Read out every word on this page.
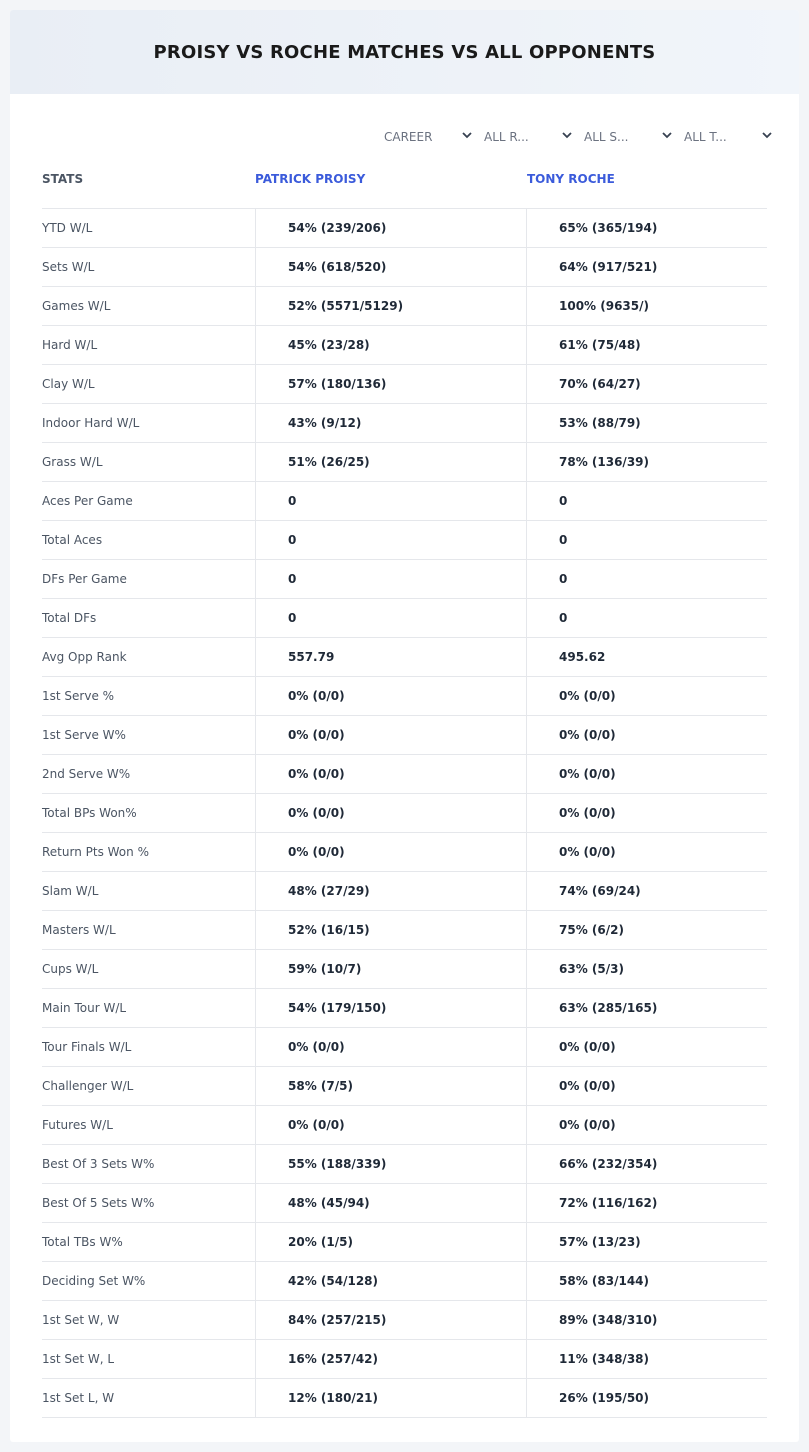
PROISY VS ROCHE MATCHES VS ALL OPPONENTS
CAREER	ALL R...	ALL S...	ALL T...
STATS	PATRICK PROISY	TONY ROCHE
YTD W/L	54% (239/206)	65% (365/194)
Sets W/L	54% (618/520)	64% (917/521)
Games W/L	52% (5571/5129)	100% (9635/)
Hard W/L	45% (23/28)	61% (75/48)
Clay W/L	57% (180/136)	70% (64/27)
Indoor Hard W/L	43% (9/12)	53% (88/79)
Grass W/L	51% (26/25)	78% (136/39)
Aces Per Game	0	0
Total Aces	0	0
DFs Per Game	0	0
Total DFs	0	0
Avg Opp Rank	557.79	495.62
1st Serve %	0% (0/0)	0% (0/0)
1st Serve W%	0% (0/0)	0% (0/0)
2nd Serve W%	0% (0/0)	0% (0/0)
Total BPs Won%	0% (0/0)	0% (0/0)
Return Pts Won %	0% (0/0)	0% (0/0)
Slam W/L	48% (27/29)	74% (69/24)
Masters W/L	52% (16/15)	75% (6/2)
Cups W/L	59% (10/7)	63% (5/3)
Main Tour W/L	54% (179/150)	63% (285/165)
Tour Finals W/L	0% (0/0)	0% (0/0)
Challenger W/L	58% (7/5)	0% (0/0)
Futures W/L	0% (0/0)	0% (0/0)
Best Of 3 Sets W%	55% (188/339)	66% (232/354)
Best Of 5 Sets W%	48% (45/94)	72% (116/162)
Total TBs W%	20% (1/5)	57% (13/23)
Deciding Set W%	42% (54/128)	58% (83/144)
1st Set W, W	84% (257/215)	89% (348/310)
1st Set W, L	16% (257/42)	11% (348/38)
1st Set L, W	12% (180/21)	26% (195/50)
